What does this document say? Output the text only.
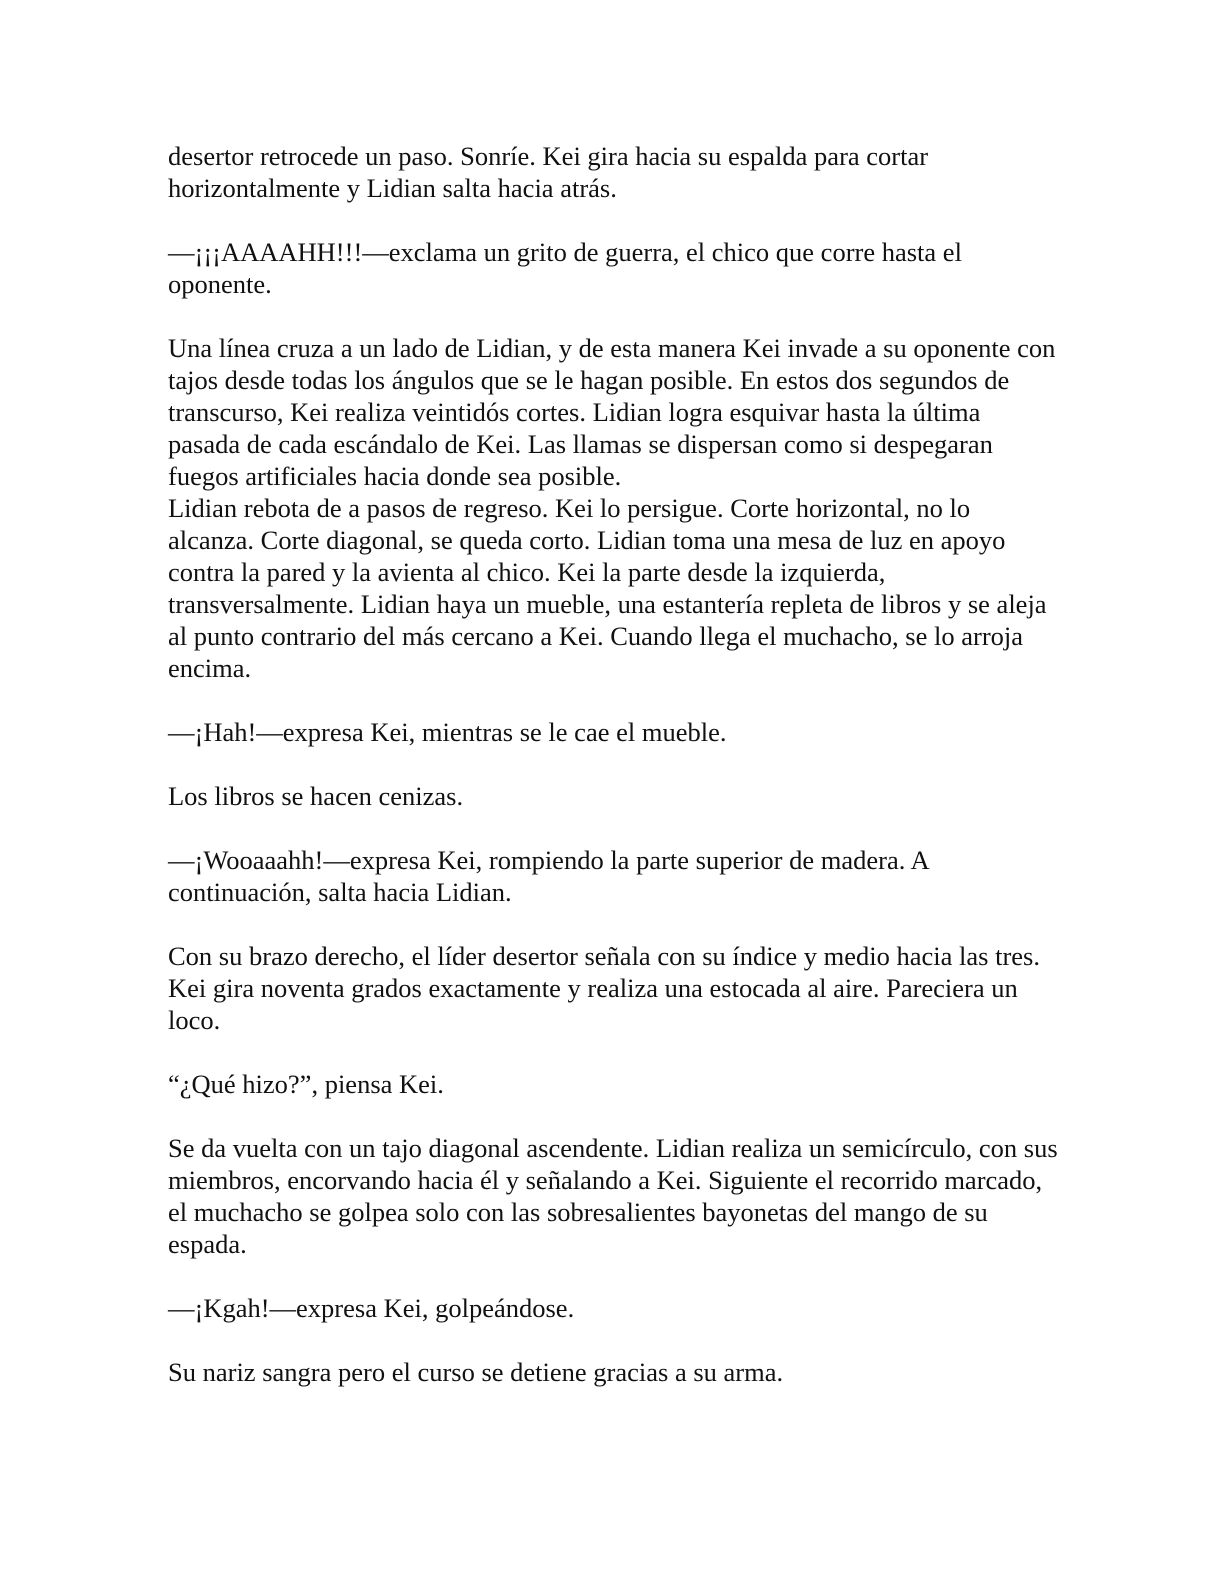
desertor retrocede un paso. Sonríe. Kei gira hacia su espalda para cortar horizontalmente y Lidian salta hacia atrás.

—¡¡¡AAAAHH!!!—exclama un grito de guerra, el chico que corre hasta el oponente.

Una línea cruza a un lado de Lidian, y de esta manera Kei invade a su oponente con tajos desde todas los ángulos que se le hagan posible. En estos dos segundos de transcurso, Kei realiza veintidós cortes. Lidian logra esquivar hasta la última pasada de cada escándalo de Kei. Las llamas se dispersan como si despegaran fuegos artificiales hacia donde sea posible.

Lidian rebota de a pasos de regreso. Kei lo persigue. Corte horizontal, no lo alcanza. Corte diagonal, se queda corto. Lidian toma una mesa de luz en apoyo contra la pared y la avienta al chico. Kei la parte desde la izquierda, transversalmente. Lidian haya un mueble, una estantería repleta de libros y se aleja al punto contrario del más cercano a Kei. Cuando llega el muchacho, se lo arroja encima.

—¡Hah!—expresa Kei, mientras se le cae el mueble.

Los libros se hacen cenizas.

—¡Wooaaahh!—expresa Kei, rompiendo la parte superior de madera. A continuación, salta hacia Lidian.

Con su brazo derecho, el líder desertor señala con su índice y medio hacia las tres. Kei gira noventa grados exactamente y realiza una estocada al aire. Pareciera un loco.

“¿Qué hizo?”, piensa Kei.

Se da vuelta con un tajo diagonal ascendente. Lidian realiza un semicírculo, con sus miembros, encorvando hacia él y señalando a Kei. Siguiente el recorrido marcado, el muchacho se golpea solo con las sobresalientes bayonetas del mango de su espada.

—¡Kgah!—expresa Kei, golpeándose.

Su nariz sangra pero el curso se detiene gracias a su arma.
